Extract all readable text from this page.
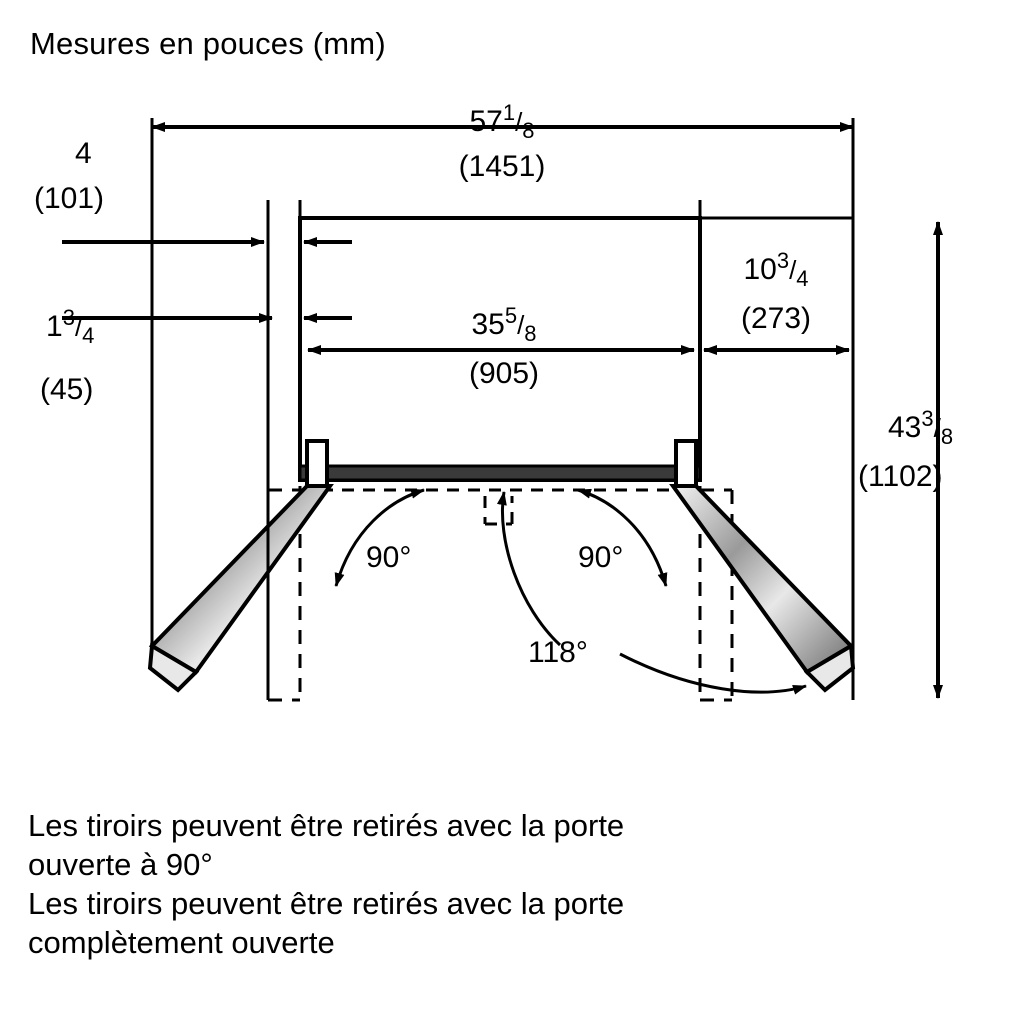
Mesures en pouces (mm)
$57^1/_8$
(1451)
4
(101)
$1^3/_4$
(45)
$35^5/_8$
(905)
$10^3/_4$
(273)
$43^3/_8$
(1102)
90°	90°
118°
Les tiroirs peuvent être retirés avec la porte
ouverte à 90°
Les tiroirs peuvent être retirés avec la porte
complètement ouverte
